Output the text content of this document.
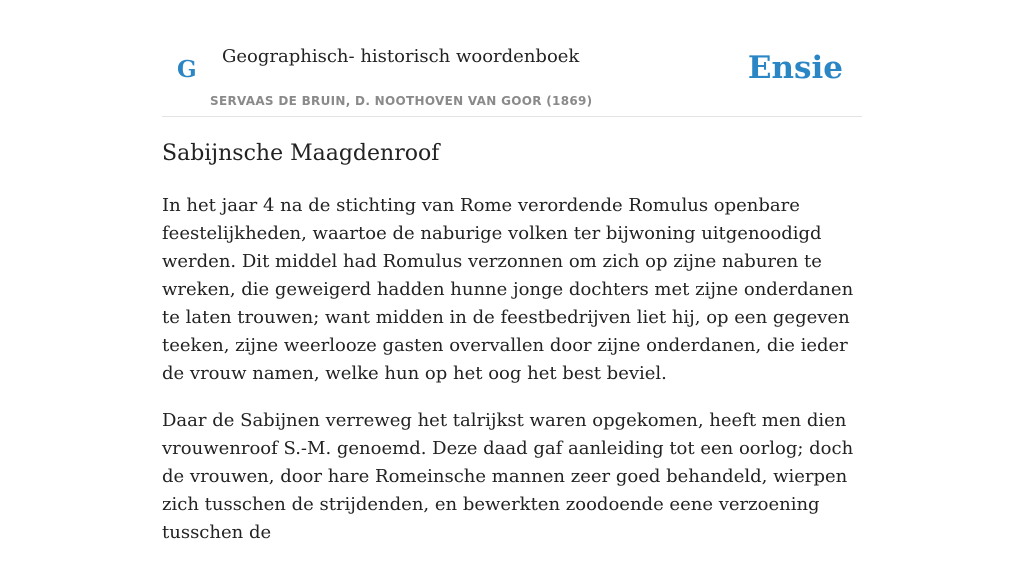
G Geographisch- historisch woordenboek
SERVAAS DE BRUIN, D. NOOTHOVEN VAN GOOR (1869)
Ensie
Sabijnsche Maagdenroof

In het jaar 4 na de stichting van Rome verordende Romulus openbare feestelijkheden, waartoe de naburige volken ter bijwoning uitgenoodigd werden. Dit middel had Romulus verzonnen om zich op zijne naburen te wreken, die geweigerd hadden hunne jonge dochters met zijne onderdanen te laten trouwen; want midden in de feestbedrijven liet hij, op een gegeven teeken, zijne weerlooze gasten overvallen door zijne onderdanen, die ieder de vrouw namen, welke hun op het oog het best beviel.

Daar de Sabijnen verreweg het talrijkst waren opgekomen, heeft men dien vrouwenroof S.-M. genoemd. Deze daad gaf aanleiding tot een oorlog; doch de vrouwen, door hare Romeinsche mannen zeer goed behandeld, wierpen zich tusschen de strijdenden, en bewerkten zoodoende eene verzoening tusschen de
